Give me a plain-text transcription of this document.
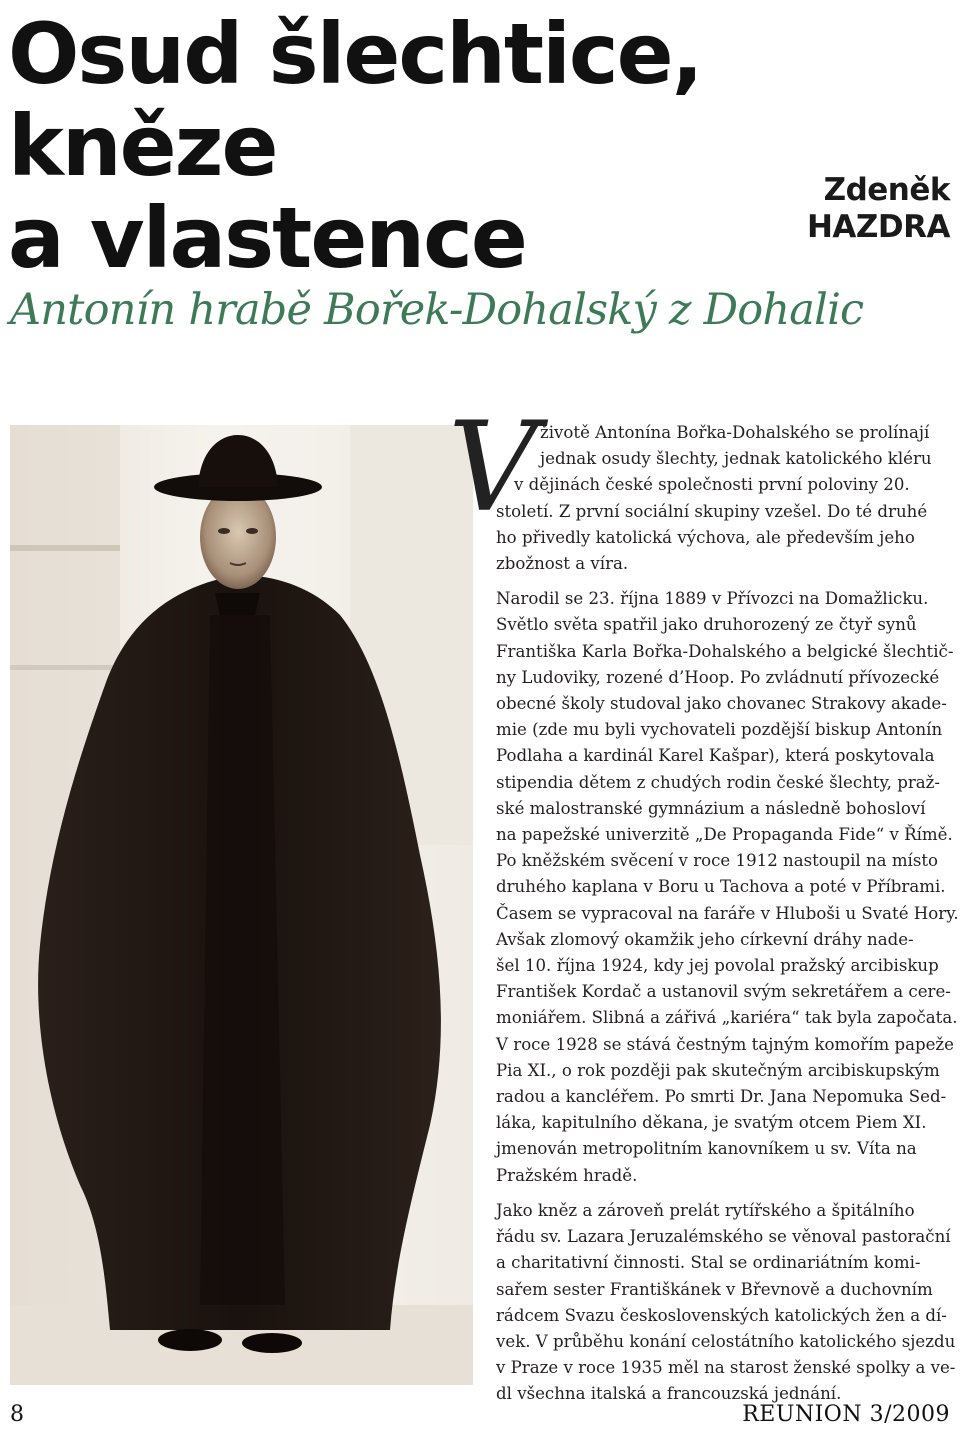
Osud šlechtice,
kněze
a vlastence	Zdeněk
HAZDRA
Antonín hrabě Bořek-Dohalský z Dohalic
V životě Antonína Bořka-Dohalského se prolínají
jednak osudy šlechty, jednak katolického kléru
v dějinách české společnosti první poloviny 20.
století. Z první sociální skupiny vzešel. Do té druhé
ho přivedly katolická výchova, ale především jeho
zbožnost a víra.
Narodil se 23. října 1889 v Přívozci na Domažlicku.
Světlo světa spatřil jako druhorozený ze čtyř synů
Františka Karla Bořka-Dohalského a belgické šlechtič-
ny Ludoviky, rozené d’Hoop. Po zvládnutí přívozecké
obecné školy studoval jako chovanec Strakovy akade-
mie (zde mu byli vychovateli pozdější biskup Antonín
Podlaha a kardinál Karel Kašpar), která poskytovala
stipendia dětem z chudých rodin české šlechty, praž-
ské malostranské gymnázium a následně bohosloví
na papežské univerzitě „De Propaganda Fide“ v Římě.
Po kněžském svěcení v roce 1912 nastoupil na místo
druhého kaplana v Boru u Tachova a poté v Příbrami.
Časem se vypracoval na faráře v Hluboši u Svaté Hory.
Avšak zlomový okamžik jeho církevní dráhy nade-
šel 10. října 1924, kdy jej povolal pražský arcibiskup
František Kordač a ustanovil svým sekretářem a cere-
moniářem. Slibná a zářivá „kariéra“ tak byla započata.
V roce 1928 se stává čestným tajným komořím papeže
Pia XI., o rok později pak skutečným arcibiskupským
radou a kancléřem. Po smrti Dr. Jana Nepomuka Sed-
láka, kapitulního děkana, je svatým otcem Piem XI.
jmenován metropolitním kanovníkem u sv. Víta na
Pražském hradě.
Jako kněz a zároveň prelát rytířského a špitálního
řádu sv. Lazara Jeruzalémského se věnoval pastorační
a charitativní činnosti. Stal se ordinariátním komi-
sařem sester Františkánek v Břevnově a duchovním
rádcem Svazu československých katolických žen a dí-
vek. V průběhu konání celostátního katolického sjezdu
v Praze v roce 1935 měl na starost ženské spolky a ve-
dl všechna italská a francouzská jednání.
8	REUNION 3/2009
